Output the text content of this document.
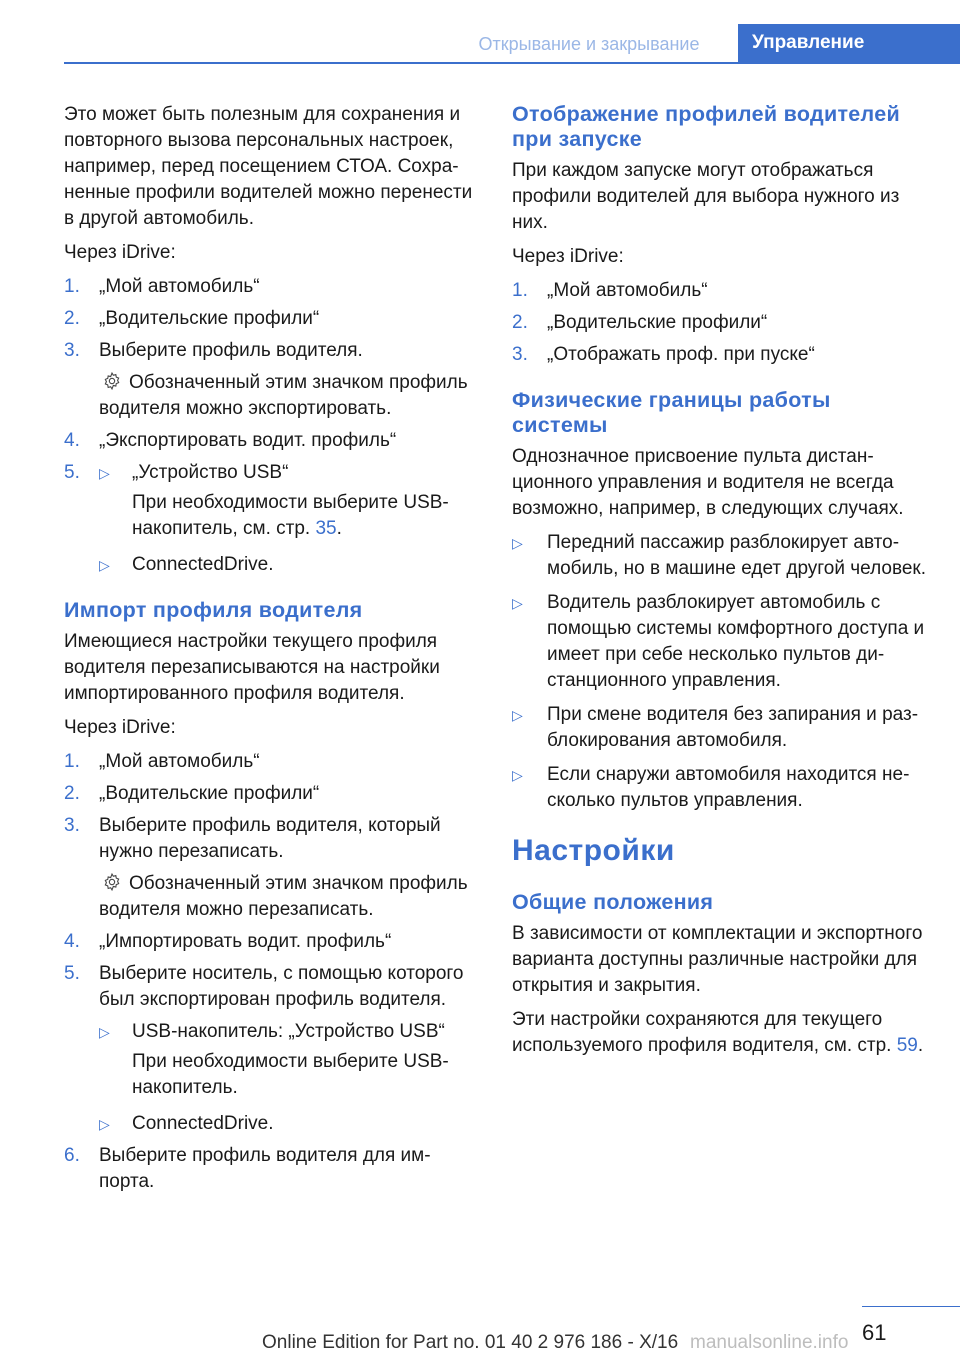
Открывание и закрывание	Управление

Это может быть полезным для сохранения и повторного вызова персональных настроек, например, перед посещением СТОА. Сохраненные профили водителей можно перенести в другой автомобиль.

Через iDrive:

1. „Мой автомобиль“
2. „Водительские профили“
3. Выберите профиль водителя.
Обозначенный этим значком профиль водителя можно экспортировать.
4. „Экспортировать водит. профиль“
5. ▷ „Устройство USB“
При необходимости выберите USB-накопитель, см. стр. 35.
▷ ConnectedDrive.
Импорт профиля водителя

Имеющиеся настройки текущего профиля водителя перезаписываются на настройки импортированного профиля водителя.

Через iDrive:

1. „Мой автомобиль“
2. „Водительские профили“
3. Выберите профиль водителя, который нужно перезаписать.
Обозначенный этим значком профиль водителя можно перезаписать.
4. „Импортировать водит. профиль“
5. Выберите носитель, с помощью которого был экспортирован профиль водителя.
▷ USB-накопитель: „Устройство USB“
При необходимости выберите USB-накопитель.
▷ ConnectedDrive.
6. Выберите профиль водителя для импорта.
Отображение профилей водителей при запуске

При каждом запуске могут отображаться профили водителей для выбора нужного из них.

Через iDrive:

1. „Мой автомобиль“
2. „Водительские профили“
3. „Отображать проф. при пуске“
Физические границы работы системы

Однозначное присвоение пульта дистанционного управления и водителя не всегда возможно, например, в следующих случаях.

▷ Передний пассажир разблокирует автомобиль, но в машине едет другой человек.
▷ Водитель разблокирует автомобиль с помощью системы комфортного доступа и имеет при себе несколько пультов дистанционного управления.
▷ При смене водителя без запирания и разблокирования автомобиля.
▷ Если снаружи автомобиля находится несколько пультов управления.
Настройки
Общие положения

В зависимости от комплектации и экспортного варианта доступны различные настройки для открытия и закрытия.

Эти настройки сохраняются для текущего используемого профиля водителя, см. стр. 59.

61
Online Edition for Part no. 01 40 2 976 186 - X/16 manualsonline.info
